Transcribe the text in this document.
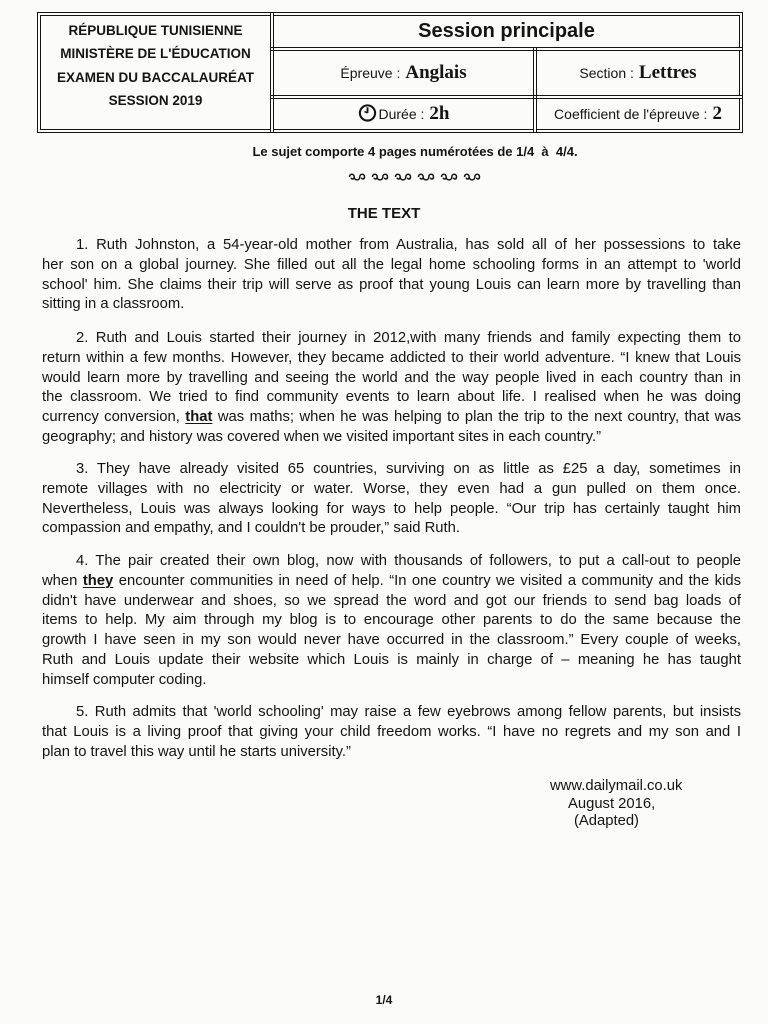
RÉPUBLIQUE TUNISIENNE
MINISTÈRE DE L'ÉDUCATION
EXAMEN DU BACCALAURÉAT
SESSION 2019
Session principale
Épreuve : Anglais	Section : Lettres
Durée : 2h	Coefficient de l'épreuve : 2
Le sujet comporte 4 pages numérotées de 1/4  à  4/4.
THE TEXT
1. Ruth Johnston, a 54-year-old mother from Australia, has sold all of her possessions to take
her son on a global journey. She filled out all the legal home schooling forms in an attempt to 'world
school' him. She claims their trip will serve as proof that young Louis can learn more by travelling than
sitting in a classroom.
2. Ruth and Louis started their journey in 2012,with many friends and family expecting them to
return within a few months. However, they became addicted to their world adventure. “I knew that Louis
would learn more by travelling and seeing the world and the way people lived in each country than in
the classroom. We tried to find community events to learn about life. I realised when he was doing
currency conversion, that was maths; when he was helping to plan the trip to the next country, that was
geography; and history was covered when we visited important sites in each country.”
3. They have already visited 65 countries, surviving on as little as £25 a day, sometimes in
remote villages with no electricity or water. Worse, they even had a gun pulled on them once.
Nevertheless, Louis was always looking for ways to help people. “Our trip has certainly taught him
compassion and empathy, and I couldn't be prouder,” said Ruth.
4. The pair created their own blog, now with thousands of followers, to put a call-out to people
when they encounter communities in need of help. “In one country we visited a community and the kids
didn't have underwear and shoes, so we spread the word and got our friends to send bag loads of
items to help. My aim through my blog is to encourage other parents to do the same because the
growth I have seen in my son would never have occurred in the classroom.” Every couple of weeks,
Ruth and Louis update their website which Louis is mainly in charge of – meaning he has taught
himself computer coding.
5. Ruth admits that 'world schooling' may raise a few eyebrows among fellow parents, but insists
that Louis is a living proof that giving your child freedom works. “I have no regrets and my son and I
plan to travel this way until he starts university.”
www.dailymail.co.uk
August 2016,
(Adapted)
1/4
